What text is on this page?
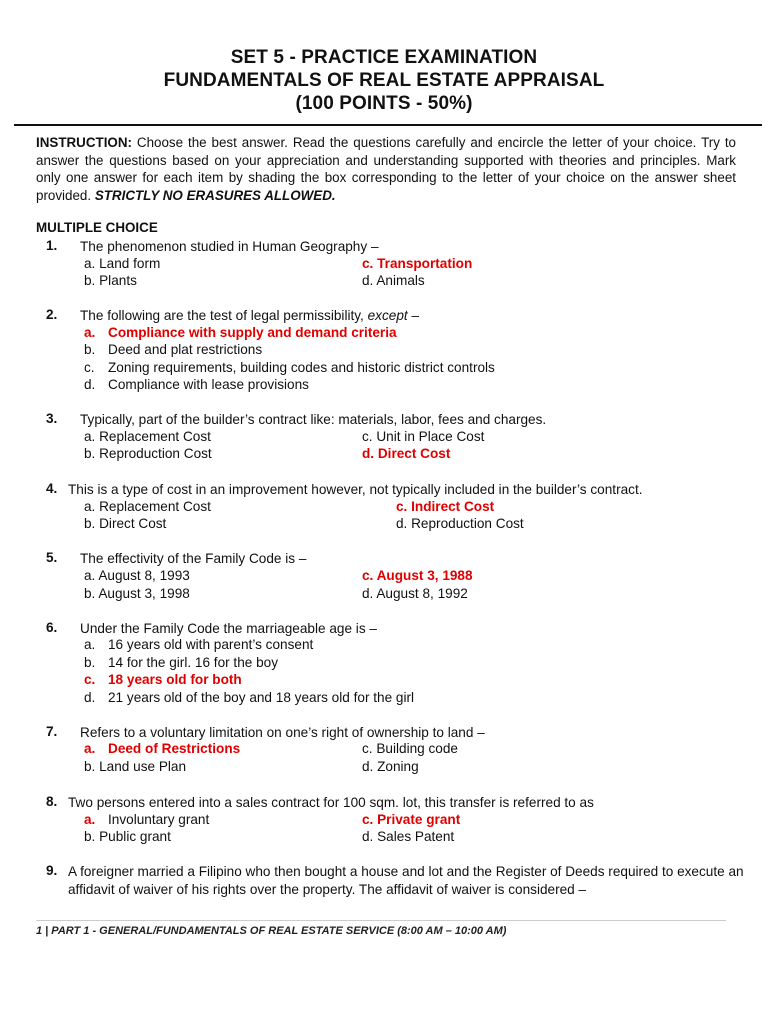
SET 5 - PRACTICE EXAMINATION
FUNDAMENTALS OF REAL ESTATE APPRAISAL
(100 POINTS - 50%)
INSTRUCTION: Choose the best answer. Read the questions carefully and encircle the letter of your choice. Try to answer the questions based on your appreciation and understanding supported with theories and principles. Mark only one answer for each item by shading the box corresponding to the letter of your choice on the answer sheet provided. STRICTLY NO ERASURES ALLOWED.
MULTIPLE CHOICE
1. The phenomenon studied in Human Geography –
a. Land form
b. Plants
c. Transportation
d. Animals
2. The following are the test of legal permissibility, except –
a. Compliance with supply and demand criteria
b. Deed and plat restrictions
c. Zoning requirements, building codes and historic district controls
d. Compliance with lease provisions
3. Typically, part of the builder’s contract like: materials, labor, fees and charges.
a. Replacement Cost
b. Reproduction Cost
c. Unit in Place Cost
d. Direct Cost
4. This is a type of cost in an improvement however, not typically included in the builder’s contract.
a. Replacement Cost
b. Direct Cost
c. Indirect Cost
d. Reproduction Cost
5. The effectivity of the Family Code is –
a. August 8, 1993
b. August 3, 1998
c. August 3, 1988
d. August 8, 1992
6. Under the Family Code the marriageable age is –
a. 16 years old with parent’s consent
b. 14 for the girl. 16 for the boy
c. 18 years old for both
d. 21 years old of the boy and 18 years old for the girl
7. Refers to a voluntary limitation on one’s right of ownership to land –
a. Deed of Restrictions
b. Land use Plan
c. Building code
d. Zoning
8. Two persons entered into a sales contract for 100 sqm. lot, this transfer is referred to as
a. Involuntary grant
b. Public grant
c. Private grant
d. Sales Patent
9. A foreigner married a Filipino who then bought a house and lot and the Register of Deeds required to execute an affidavit of waiver of his rights over the property. The affidavit of waiver is considered –
1 | PART 1 - GENERAL/FUNDAMENTALS OF REAL ESTATE SERVICE (8:00 AM – 10:00 AM)
